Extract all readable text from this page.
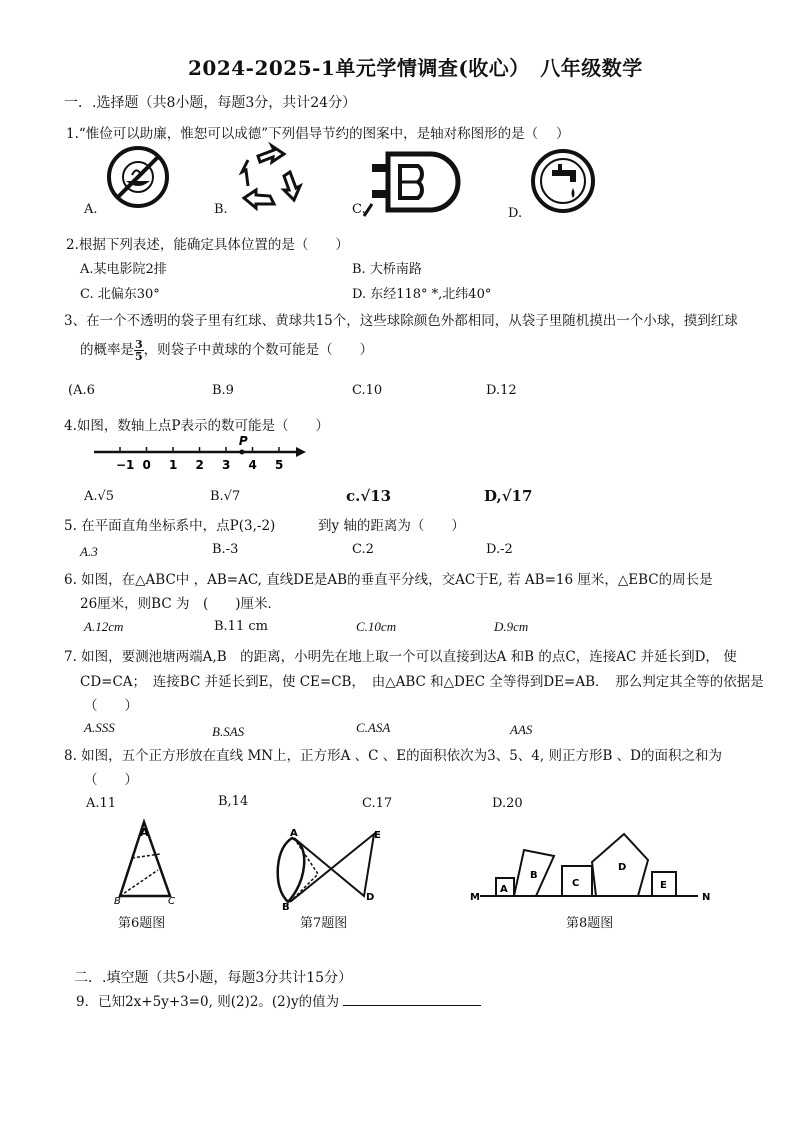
2024-2025-1单元学情调查(收心）　八年级数学
一．.选择题（共8小题，每题3分，共计24分）
1.“惟俭可以助廉，惟恕可以成德”下列倡导节约的图案中，是轴对称图形的是（　 ）
A.	B.	C.	D.
2.根据下列表述，能确定具体位置的是（　　）
A.某电影院2排	B. 大桥南路
C. 北偏东30°	D. 东经118° *,北纬40°
3、在一个不透明的袋子里有红球、黄球共15个，这些球除颜色外都相同，从袋子里随机摸出一个小球，摸到红球
的概率是 $\frac{3}{5}$ ，则袋子中黄球的个数可能是（　　）
(A.6	B.9	C.10	D.12
4.如图，数轴上点P表示的数可能是（　　）
−1 0 1 2 3 4 5
P
A.√5	B.√7	c.√13	D,√17
5. 在平面直角坐标系中，点P(3,-2)	到y 轴的距离为（　　）
A.3	B.-3	C.2	D.-2
6. 如图，在△ABC中 ，AB=AC, 直线DE是AB的垂直平分线，交AC于E, 若 AB=16 厘米，△EBC的周长是
26厘米，则BC 为　(　　)厘米．
A.12cm	B.11 cm	C.10cm	D.9cm
7. 如图，要测池塘两端A,B　的距离，小明先在地上取一个可以直接到达A 和B 的点C，连接AC 并延长到D， 使
CD=CA；　连接BC 并延长到E，使 CE=CB，　由△ABC 和△DEC 全等得到DE=AB．　那么判定其全等的依据是
（　　）
A.SSS	B.SAS	C.ASA	AAS
8. 如图，五个正方形放在直线 MN上，正方形A 、C 、E的面积依次为3、5、4, 则正方形B 、D的面积之和为
（　　）
A.11	B,14	C.17	D.20
A
B	C
第6题图
A
B
E
D
第7题图
M
A
B
C
D
E
N
第8题图
二．.填空题（共5小题，每题3分共计15分）
9．已知2x+5y+3=0, 则(2)2。(2)y的值为
